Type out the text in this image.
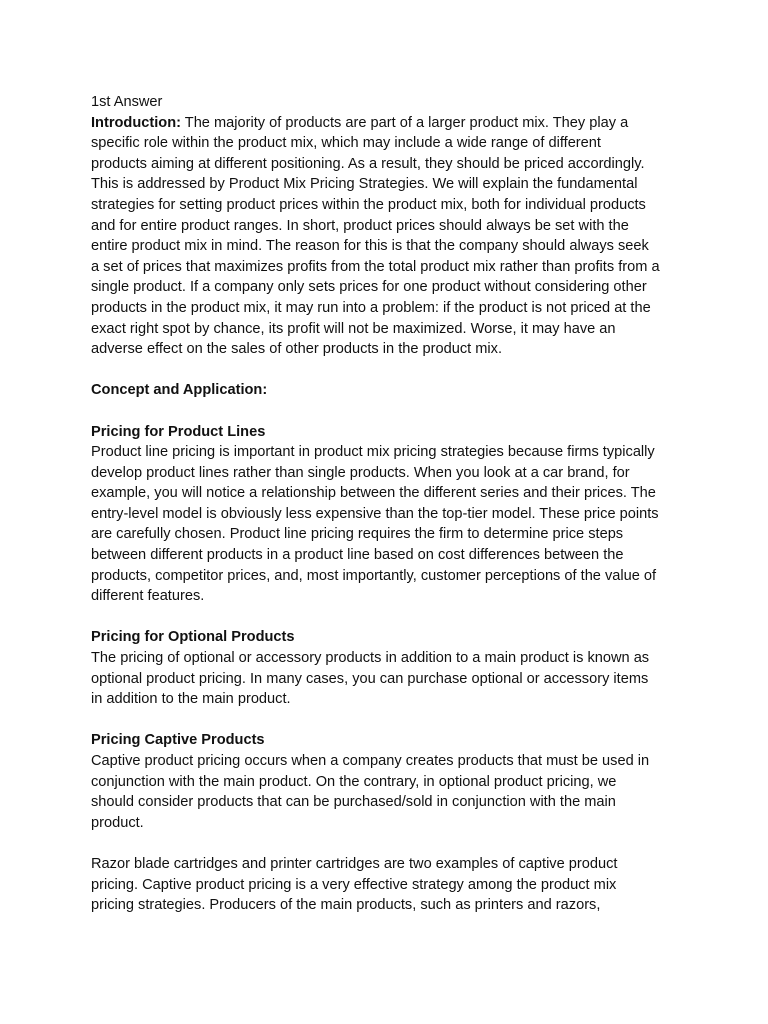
1st Answer
Introduction: The majority of products are part of a larger product mix. They play a
specific role within the product mix, which may include a wide range of different
products aiming at different positioning. As a result, they should be priced accordingly.
This is addressed by Product Mix Pricing Strategies. We will explain the fundamental
strategies for setting product prices within the product mix, both for individual products
and for entire product ranges. In short, product prices should always be set with the
entire product mix in mind. The reason for this is that the company should always seek
a set of prices that maximizes profits from the total product mix rather than profits from a
single product. If a company only sets prices for one product without considering other
products in the product mix, it may run into a problem: if the product is not priced at the
exact right spot by chance, its profit will not be maximized. Worse, it may have an
adverse effect on the sales of other products in the product mix.
Concept and Application:
Pricing for Product Lines
Product line pricing is important in product mix pricing strategies because firms typically
develop product lines rather than single products. When you look at a car brand, for
example, you will notice a relationship between the different series and their prices. The
entry-level model is obviously less expensive than the top-tier model. These price points
are carefully chosen. Product line pricing requires the firm to determine price steps
between different products in a product line based on cost differences between the
products, competitor prices, and, most importantly, customer perceptions of the value of
different features.
Pricing for Optional Products
The pricing of optional or accessory products in addition to a main product is known as
optional product pricing. In many cases, you can purchase optional or accessory items
in addition to the main product.
Pricing Captive Products
Captive product pricing occurs when a company creates products that must be used in
conjunction with the main product. On the contrary, in optional product pricing, we
should consider products that can be purchased/sold in conjunction with the main
product.
Razor blade cartridges and printer cartridges are two examples of captive product
pricing. Captive product pricing is a very effective strategy among the product mix
pricing strategies. Producers of the main products, such as printers and razors,
